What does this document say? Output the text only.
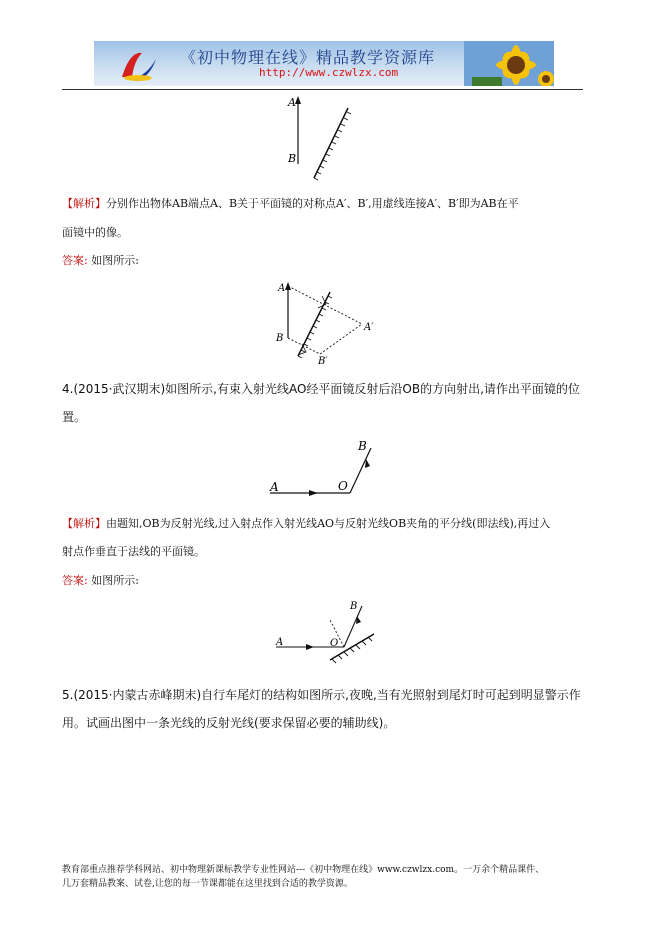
《初中物理在线》精品教学资源库
http://www.czwlzx.com
A
B
【解析】分别作出物体AB端点A、B关于平面镜的对称点A′、B′,用虚线连接A′、B′即为AB在平
面镜中的像。
答案: 如图所示:
A
B
A′
B′
4.(2015·武汉期末)如图所示,有束入射光线AO经平面镜反射后沿OB的方向射出,请作出平面镜的位
置。
A	O
B
【解析】由题知,OB为反射光线,过入射点作入射光线AO与反射光线OB夹角的平分线(即法线),再过入
射点作垂直于法线的平面镜。
答案: 如图所示:
A	O
B
5.(2015·内蒙古赤峰期末)自行车尾灯的结构如图所示,夜晚,当有光照射到尾灯时可起到明显警示作
用。试画出图中一条光线的反射光线(要求保留必要的辅助线)。
教育部重点推荐学科网站、初中物理新课标教学专业性网站---《初中物理在线》www.czwlzx.com。一万余个精品课件、
几万套精品教案、试卷,让您的每一节课都能在这里找到合适的教学资源。
